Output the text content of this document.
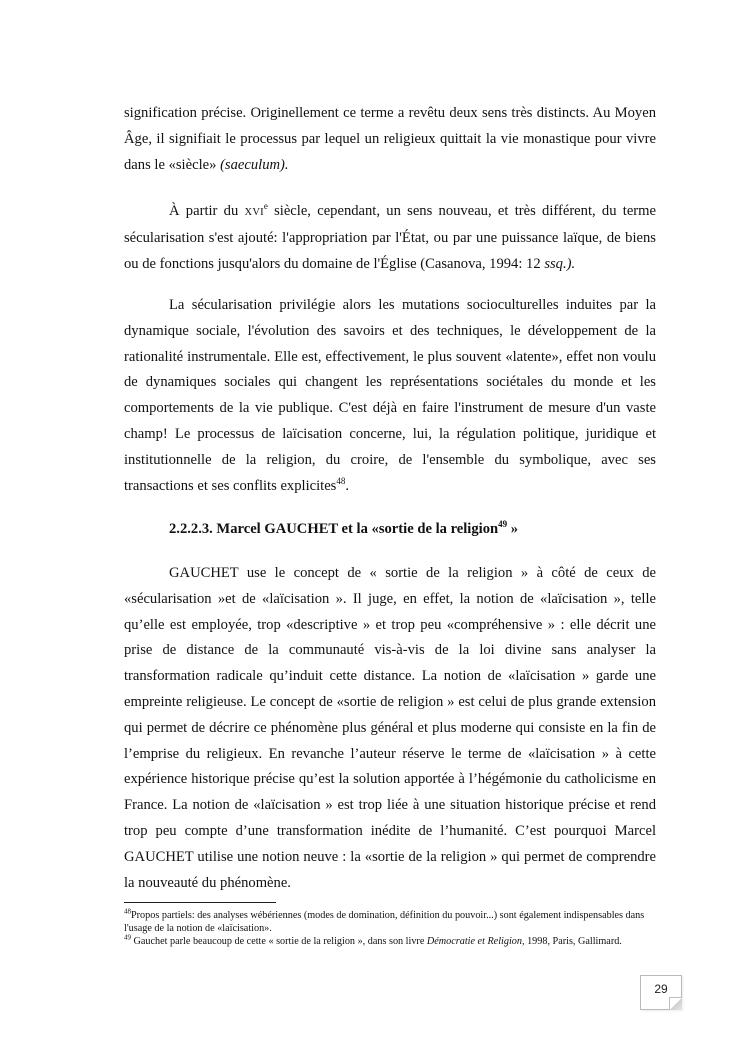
signification précise. Originellement ce terme a revêtu deux sens très distincts. Au Moyen Âge, il signifiait le processus par lequel un religieux quittait la vie monastique pour vivre dans le «siècle» (saeculum).

À partir du XVIe siècle, cependant, un sens nouveau, et très différent, du terme sécularisation s'est ajouté: l'appropriation par l'État, ou par une puissance laïque, de biens ou de fonctions jusqu'alors du domaine de l'Église (Casanova, 1994: 12 ssq.).

La sécularisation privilégie alors les mutations socioculturelles induites par la dynamique sociale, l'évolution des savoirs et des techniques, le développement de la rationalité instrumentale. Elle est, effectivement, le plus souvent «latente», effet non voulu de dynamiques sociales qui changent les représentations sociétales du monde et les comportements de la vie publique. C'est déjà en faire l'instrument de mesure d'un vaste champ! Le processus de laïcisation concerne, lui, la régulation politique, juridique et institutionnelle de la religion, du croire, de l'ensemble du symbolique, avec ses transactions et ses conflits explicites$^{48}$.

2.2.2.3. Marcel GAUCHET et la «sortie de la religion$^{49}$ »

GAUCHET use le concept de « sortie de la religion » à côté de ceux de «sécularisation »et de «laïcisation ». Il juge, en effet, la notion de «laïcisation », telle qu’elle est employée, trop «descriptive » et trop peu «compréhensive » : elle décrit une prise de distance de la communauté vis-à-vis de la loi divine sans analyser la transformation radicale qu’induit cette distance. La notion de «laïcisation » garde une empreinte religieuse. Le concept de «sortie de religion » est celui de plus grande extension qui permet de décrire ce phénomène plus général et plus moderne qui consiste en la fin de l’emprise du religieux. En revanche l’auteur réserve le terme de «laïcisation » à cette expérience historique précise qu’est la solution apportée à l’hégémonie du catholicisme en France. La notion de «laïcisation » est trop liée à une situation historique précise et rend trop peu compte d’une transformation inédite de l’humanité. C’est pourquoi Marcel GAUCHET utilise une notion neuve : la «sortie de la religion » qui permet de comprendre la nouveauté du phénomène.

$^{48}$Propos partiels: des analyses wébériennes (modes de domination, définition du pouvoir...) sont également indispensables dans l'usage de la notion de «laïcisation».

$^{49}$ Gauchet parle beaucoup de cette « sortie de la religion », dans son livre Démocratie et Religion, 1998, Paris, Gallimard.

29
